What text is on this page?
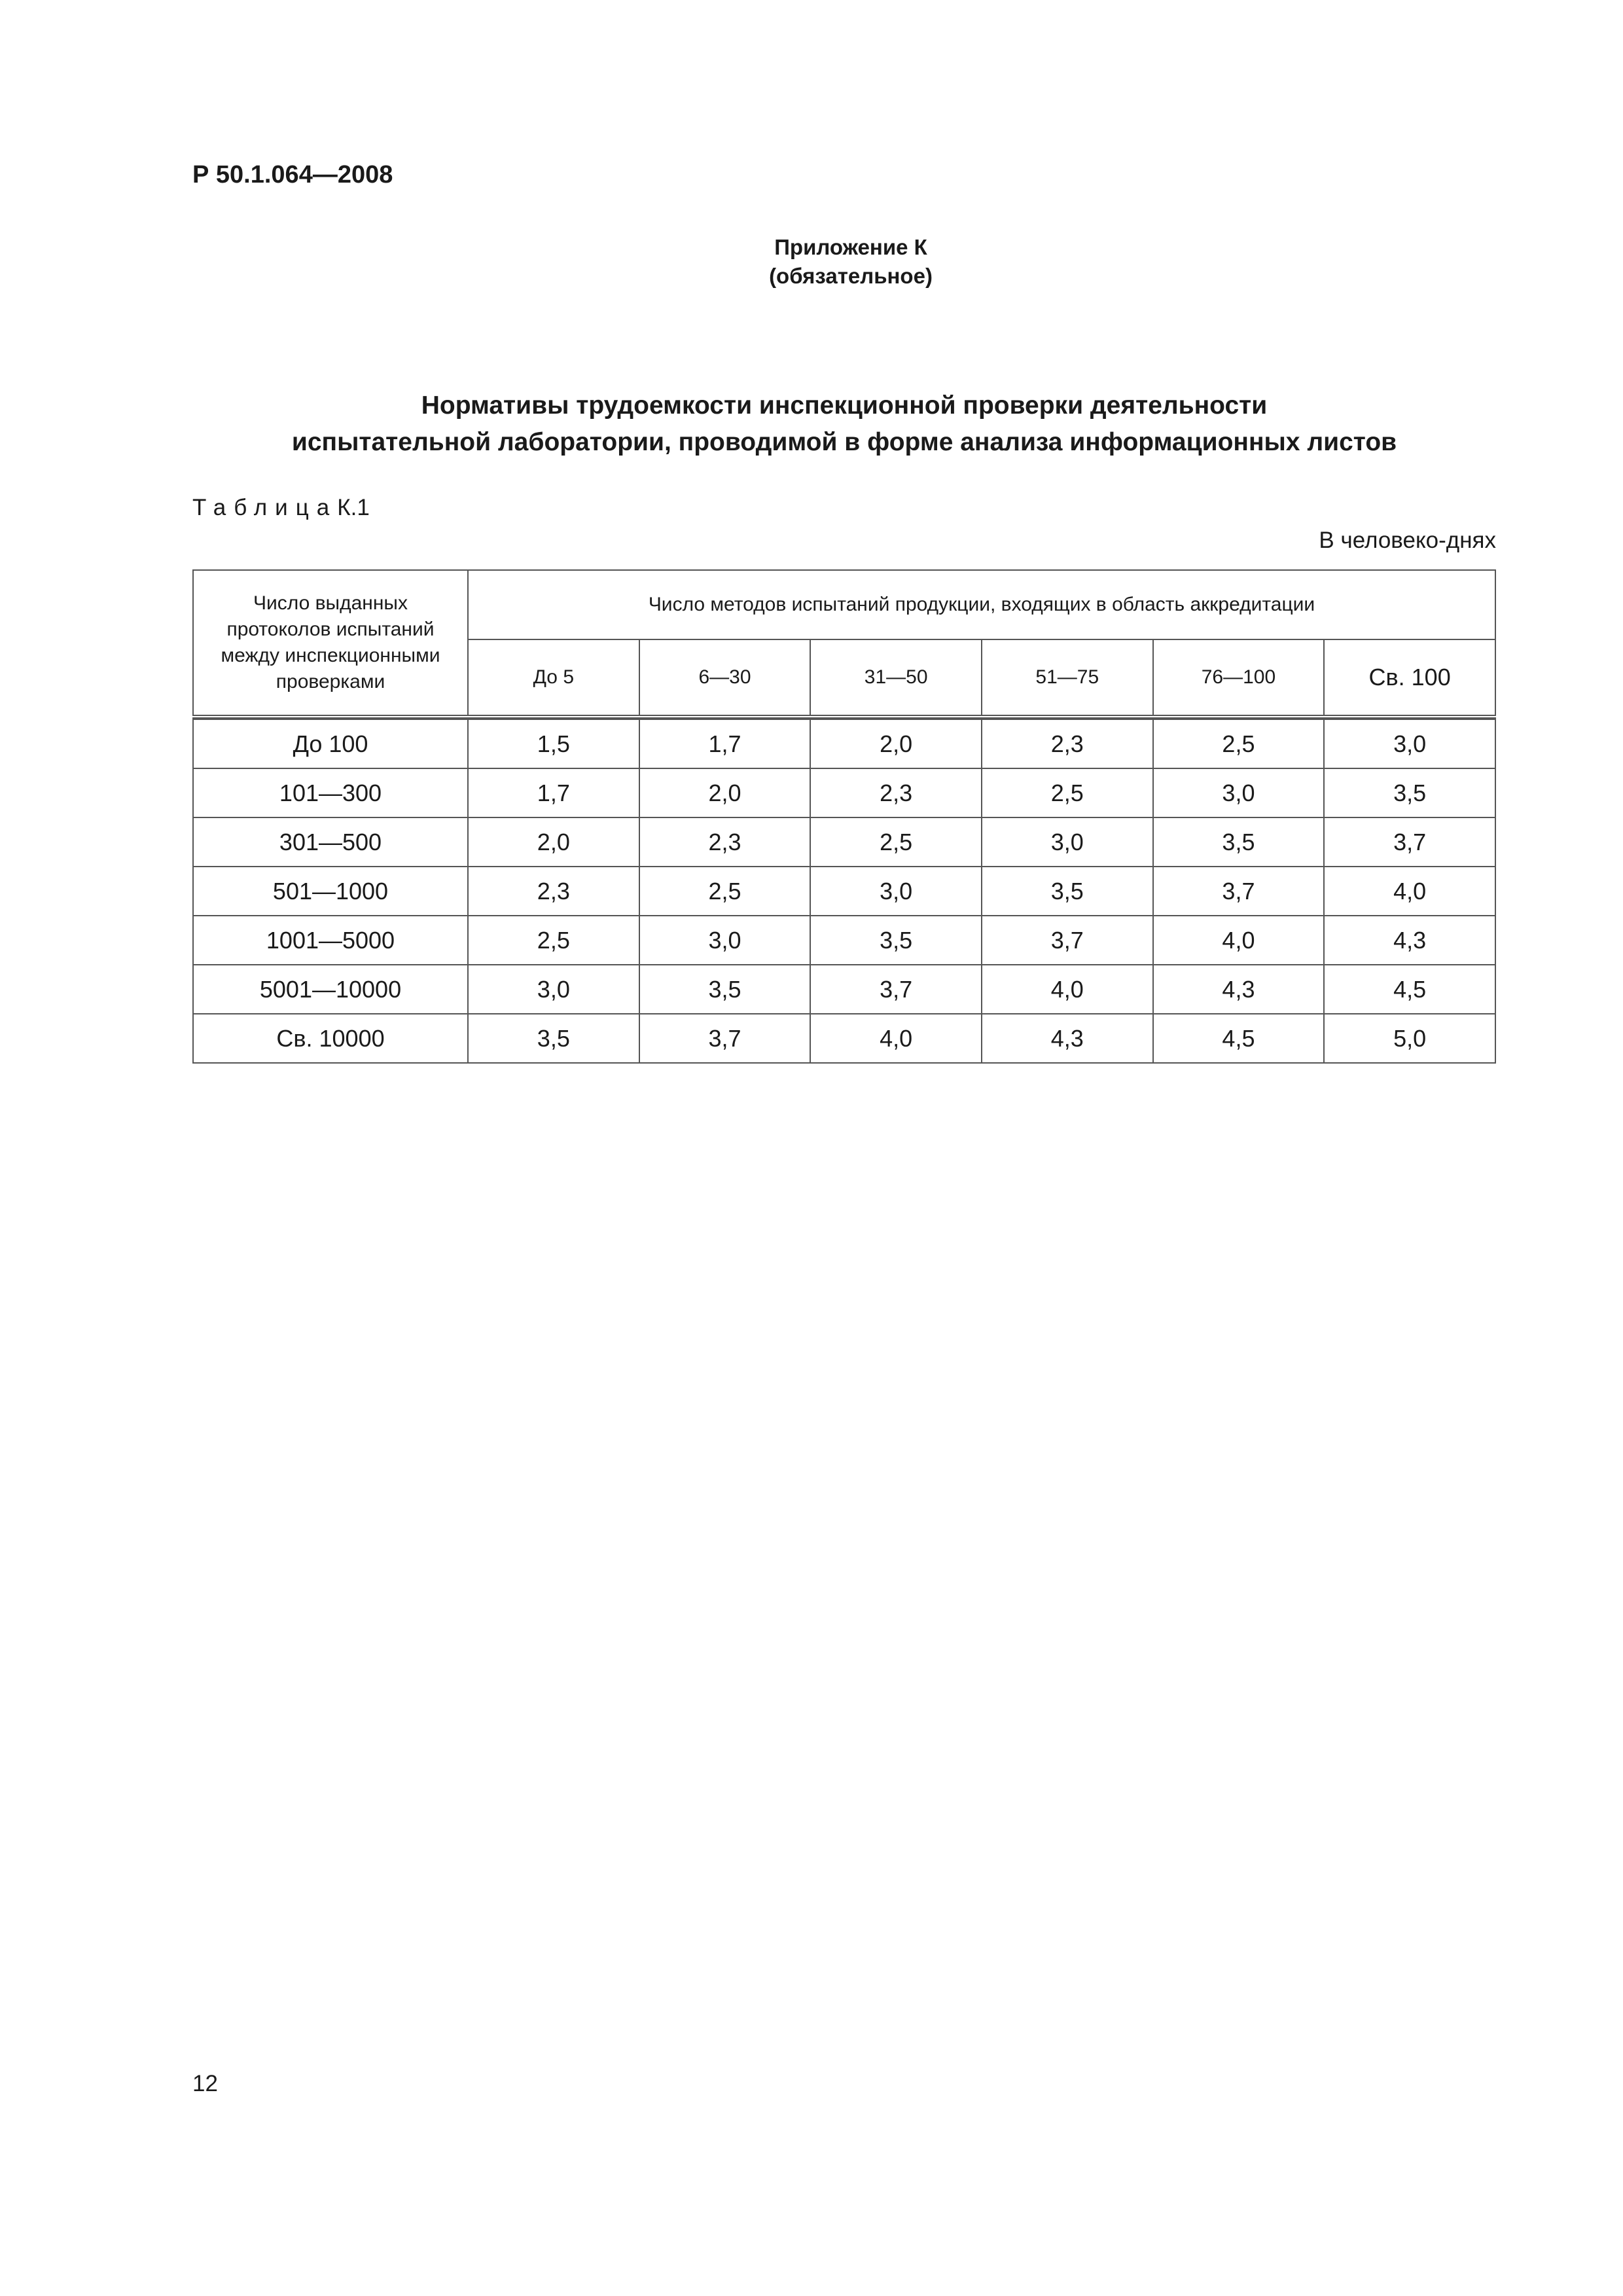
Р 50.1.064—2008
Приложение К
(обязательное)
Нормативы трудоемкости инспекционной проверки деятельности
испытательной лаборатории, проводимой в форме анализа информационных листов
ТаблицаК.1
В человеко-днях
Число выданных протоколов испытаний между инспекционными проверками	Число методов испытаний продукции, входящих в область аккредитации					
	До 5	6—30	31—50	51—75	76—100	Св. 100

До 100	1,5	1,7	2,0	2,3	2,5	3,0
101—300	1,7	2,0	2,3	2,5	3,0	3,5
301—500	2,0	2,3	2,5	3,0	3,5	3,7
501—1000	2,3	2,5	3,0	3,5	3,7	4,0
1001—5000	2,5	3,0	3,5	3,7	4,0	4,3
5001—10000	3,0	3,5	3,7	4,0	4,3	4,5
Св. 10000	3,5	3,7	4,0	4,3	4,5	5,0
12
